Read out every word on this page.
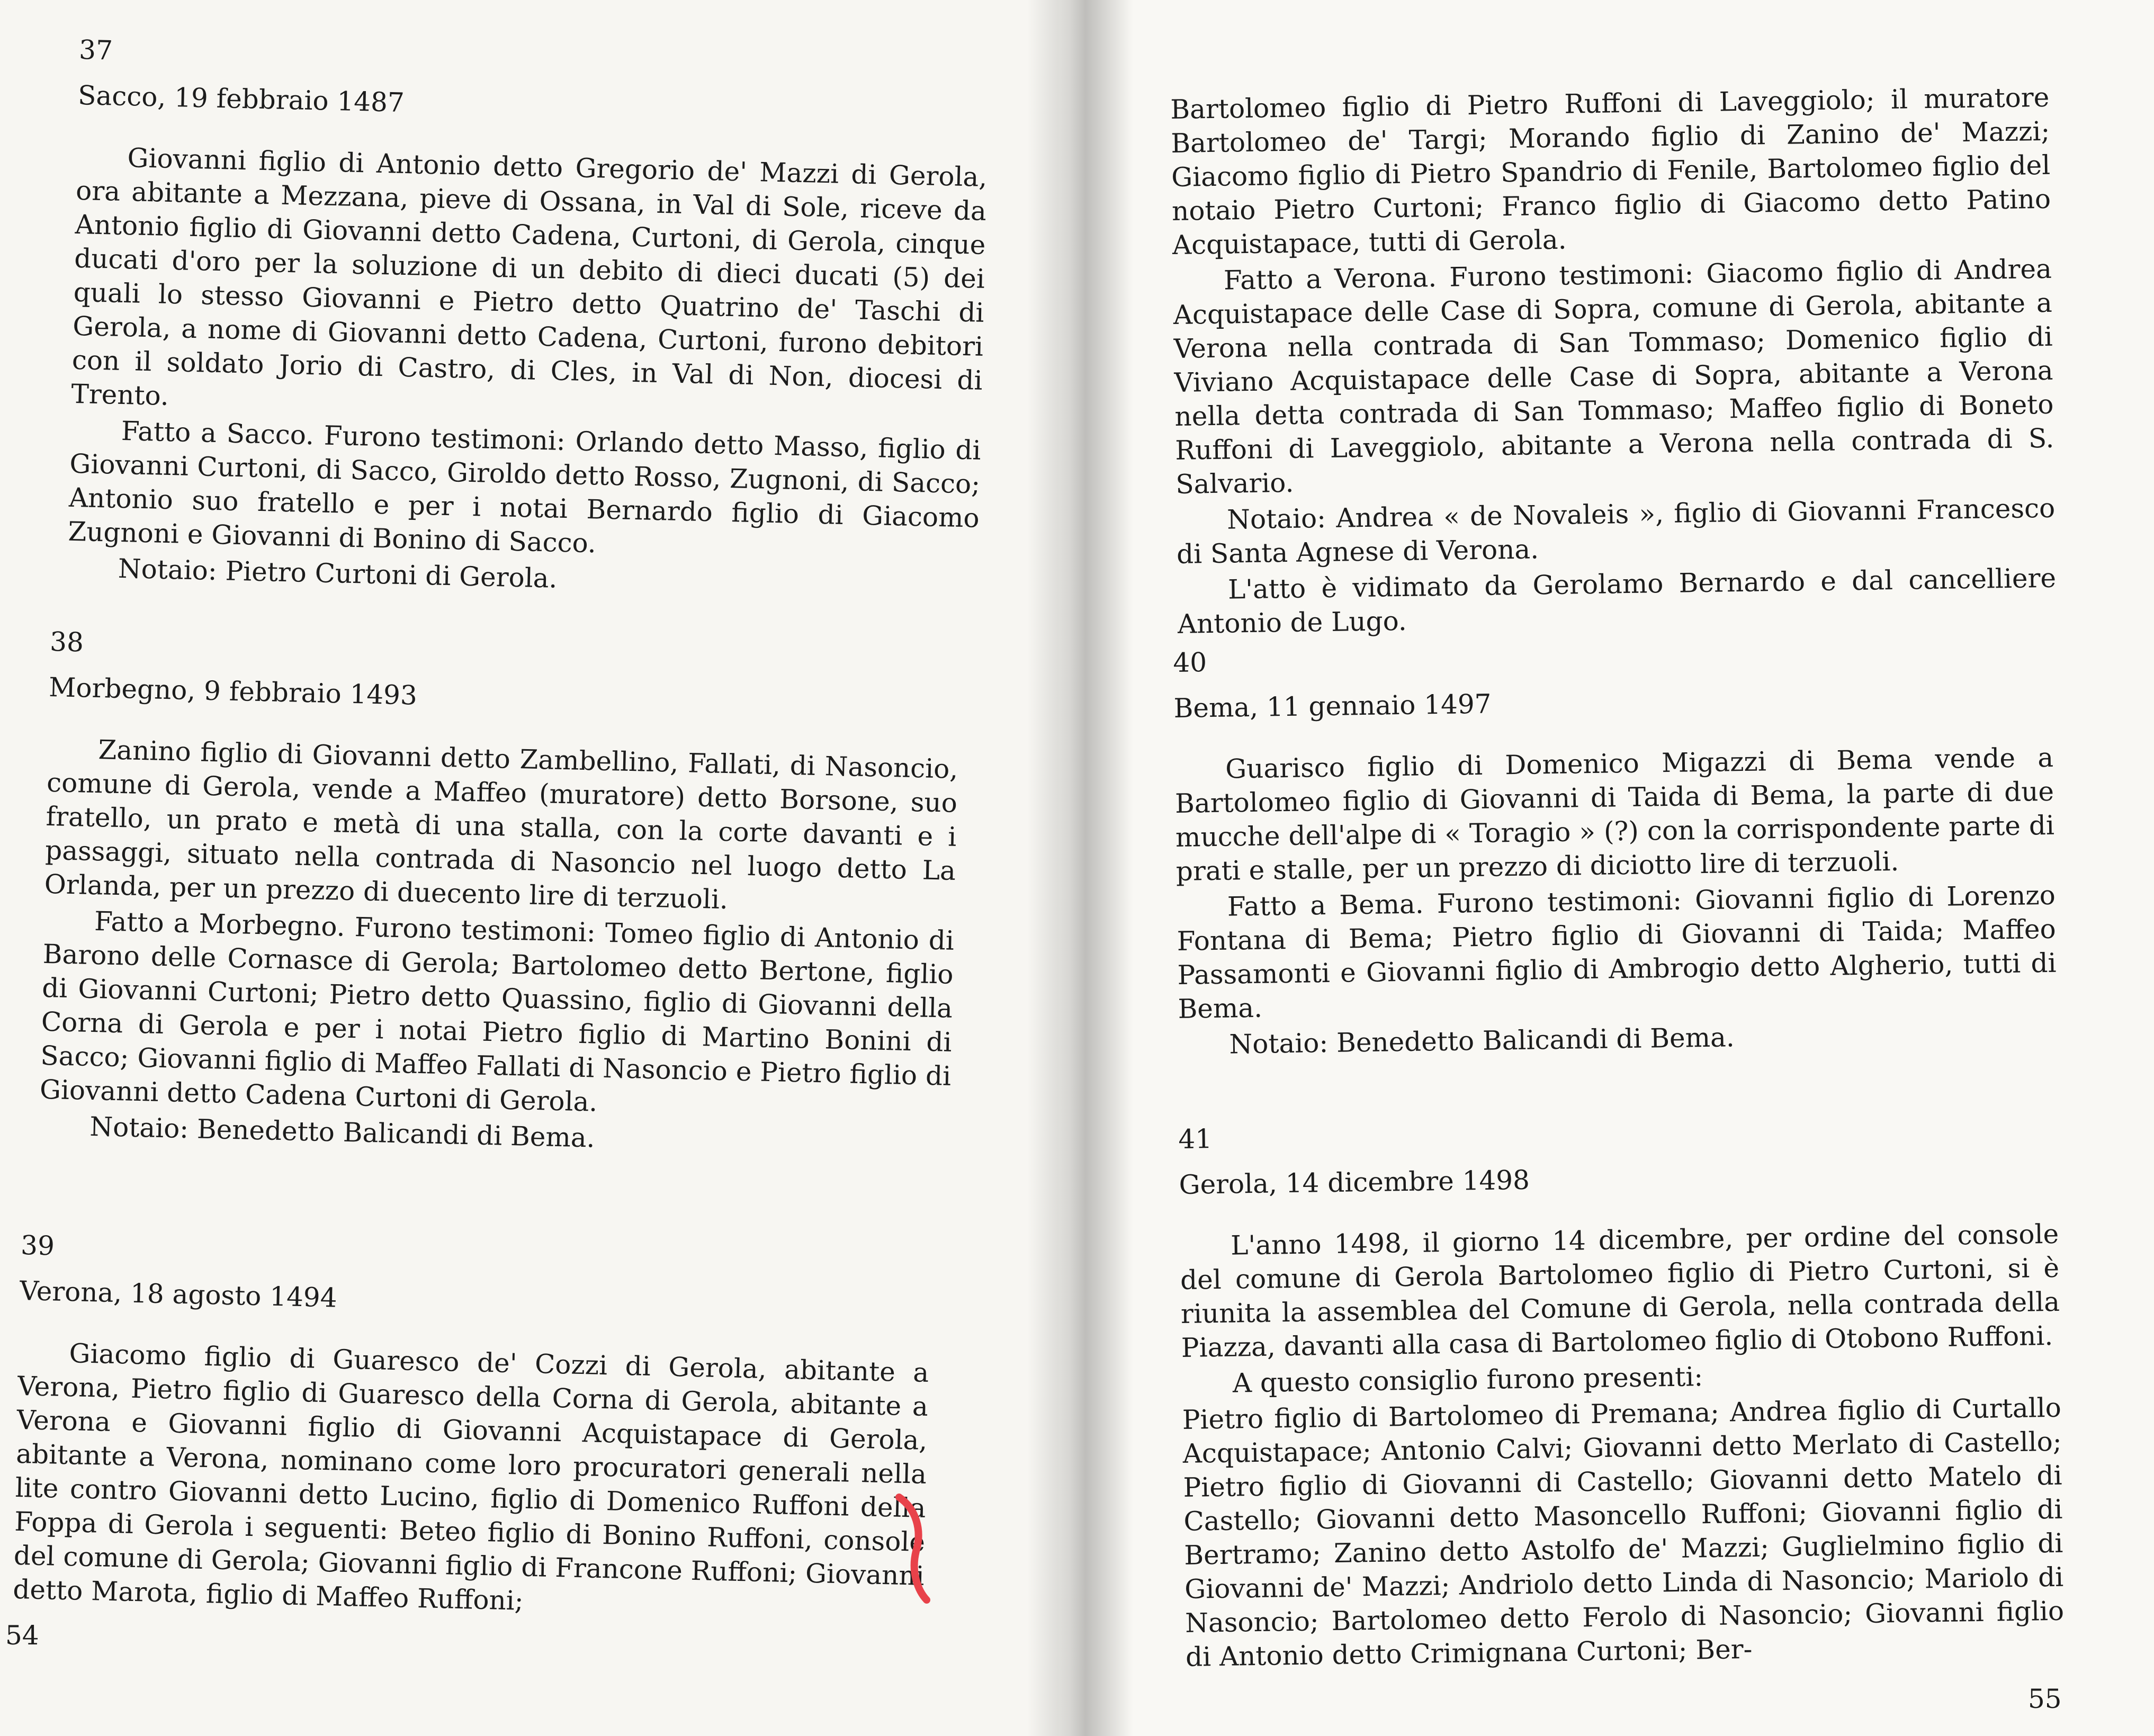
37
Sacco, 19 febbraio 1487

Giovanni figlio di Antonio detto Gregorio de' Mazzi di Gerola, ora abitante a Mezzana, pieve di Ossana, in Val di Sole, riceve da Antonio figlio di Giovanni detto Cadena, Curtoni, di Gerola, cinque ducati d'oro per la soluzione di un debito di dieci ducati (5) dei quali lo stesso Giovanni e Pietro detto Quatrino de' Taschi di Gerola, a nome di Giovanni detto Cadena, Curtoni, furono debitori con il soldato Jorio di Castro, di Cles, in Val di Non, diocesi di Trento.

Fatto a Sacco. Furono testimoni: Orlando detto Masso, figlio di Giovanni Curtoni, di Sacco, Giroldo detto Rosso, Zugnoni, di Sacco; Antonio suo fratello e per i notai Bernardo figlio di Giacomo Zugnoni e Giovanni di Bonino di Sacco.

Notaio: Pietro Curtoni di Gerola.

38
Morbegno, 9 febbraio 1493

Zanino figlio di Giovanni detto Zambellino, Fallati, di Nasoncio, comune di Gerola, vende a Maffeo (muratore) detto Borsone, suo fratello, un prato e metà di una stalla, con la corte davanti e i passaggi, situato nella contrada di Nasoncio nel luogo detto La Orlanda, per un prezzo di duecento lire di terzuoli.

Fatto a Morbegno. Furono testimoni: Tomeo figlio di Antonio di Barono delle Cornasce di Gerola; Bartolomeo detto Bertone, figlio di Giovanni Curtoni; Pietro detto Quassino, figlio di Giovanni della Corna di Gerola e per i notai Pietro figlio di Martino Bonini di Sacco; Giovanni figlio di Maffeo Fallati di Nasoncio e Pietro figlio di Giovanni detto Cadena Curtoni di Gerola.

Notaio: Benedetto Balicandi di Bema.

39
Verona, 18 agosto 1494

Giacomo figlio di Guaresco de' Cozzi di Gerola, abitante a Verona, Pietro figlio di Guaresco della Corna di Gerola, abitante a Verona e Giovanni figlio di Giovanni Acquistapace di Gerola, abitante a Verona, nominano come loro procuratori generali nella lite contro Giovanni detto Lucino, figlio di Domenico Ruffoni della Foppa di Gerola i seguenti: Beteo figlio di Bonino Ruffoni, console del comune di Gerola; Giovanni figlio di Francone Ruffoni; Giovanni detto Marota, figlio di Maffeo Ruffoni;

54

Bartolomeo figlio di Pietro Ruffoni di Laveggiolo; il muratore Bartolomeo de' Targi; Morando figlio di Zanino de' Mazzi; Giacomo figlio di Pietro Spandrio di Fenile, Bartolomeo figlio del notaio Pietro Curtoni; Franco figlio di Giacomo detto Patino Acquistapace, tutti di Gerola.

Fatto a Verona. Furono testimoni: Giacomo figlio di Andrea Acquistapace delle Case di Sopra, comune di Gerola, abitante a Verona nella contrada di San Tommaso; Domenico figlio di Viviano Acquistapace delle Case di Sopra, abitante a Verona nella detta contrada di San Tommaso; Maffeo figlio di Boneto Ruffoni di Laveggiolo, abitante a Verona nella contrada di S. Salvario.

Notaio: Andrea « de Novaleis », figlio di Giovanni Francesco di Santa Agnese di Verona.

L'atto è vidimato da Gerolamo Bernardo e dal cancelliere Antonio de Lugo.

40
Bema, 11 gennaio 1497

Guarisco figlio di Domenico Migazzi di Bema vende a Bartolomeo figlio di Giovanni di Taida di Bema, la parte di due mucche dell'alpe di « Toragio » (?) con la corrispondente parte di prati e stalle, per un prezzo di diciotto lire di terzuoli.

Fatto a Bema. Furono testimoni: Giovanni figlio di Lorenzo Fontana di Bema; Pietro figlio di Giovanni di Taida; Maffeo Passamonti e Giovanni figlio di Ambrogio detto Algherio, tutti di Bema.

Notaio: Benedetto Balicandi di Bema.

41
Gerola, 14 dicembre 1498

L'anno 1498, il giorno 14 dicembre, per ordine del console del comune di Gerola Bartolomeo figlio di Pietro Curtoni, si è riunita la assemblea del Comune di Gerola, nella contrada della Piazza, davanti alla casa di Bartolomeo figlio di Otobono Ruffoni.

A questo consiglio furono presenti:

Pietro figlio di Bartolomeo di Premana; Andrea figlio di Curtallo Acquistapace; Antonio Calvi; Giovanni detto Merlato di Castello; Pietro figlio di Giovanni di Castello; Giovanni detto Matelo di Castello; Giovanni detto Masoncello Ruffoni; Giovanni figlio di Bertramo; Zanino detto Astolfo de' Mazzi; Guglielmino figlio di Giovanni de' Mazzi; Andriolo detto Linda di Nasoncio; Mariolo di Nasoncio; Bartolomeo detto Ferolo di Nasoncio; Giovanni figlio di Antonio detto Crimignana Curtoni; Ber-

55
